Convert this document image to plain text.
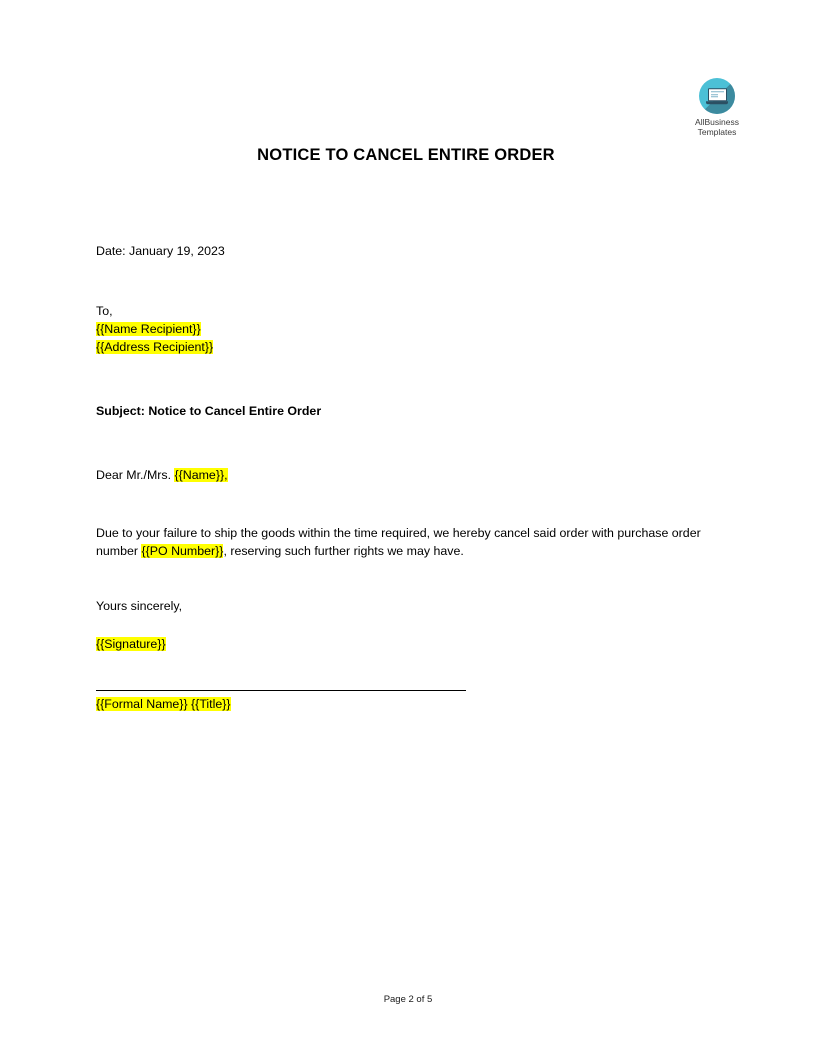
AllBusiness
Templates
NOTICE TO CANCEL ENTIRE ORDER

Date: January 19, 2023

To,

{{Name Recipient}}

{{Address Recipient}}

Subject: Notice to Cancel Entire Order

Dear Mr./Mrs. {{Name}},

Due to your failure to ship the goods within the time required, we hereby cancel said order with purchase order number {{PO Number}}, reserving such further rights we may have.

Yours sincerely,

{{Signature}}

{{Formal Name}} {{Title}}

Page 2 of 5
